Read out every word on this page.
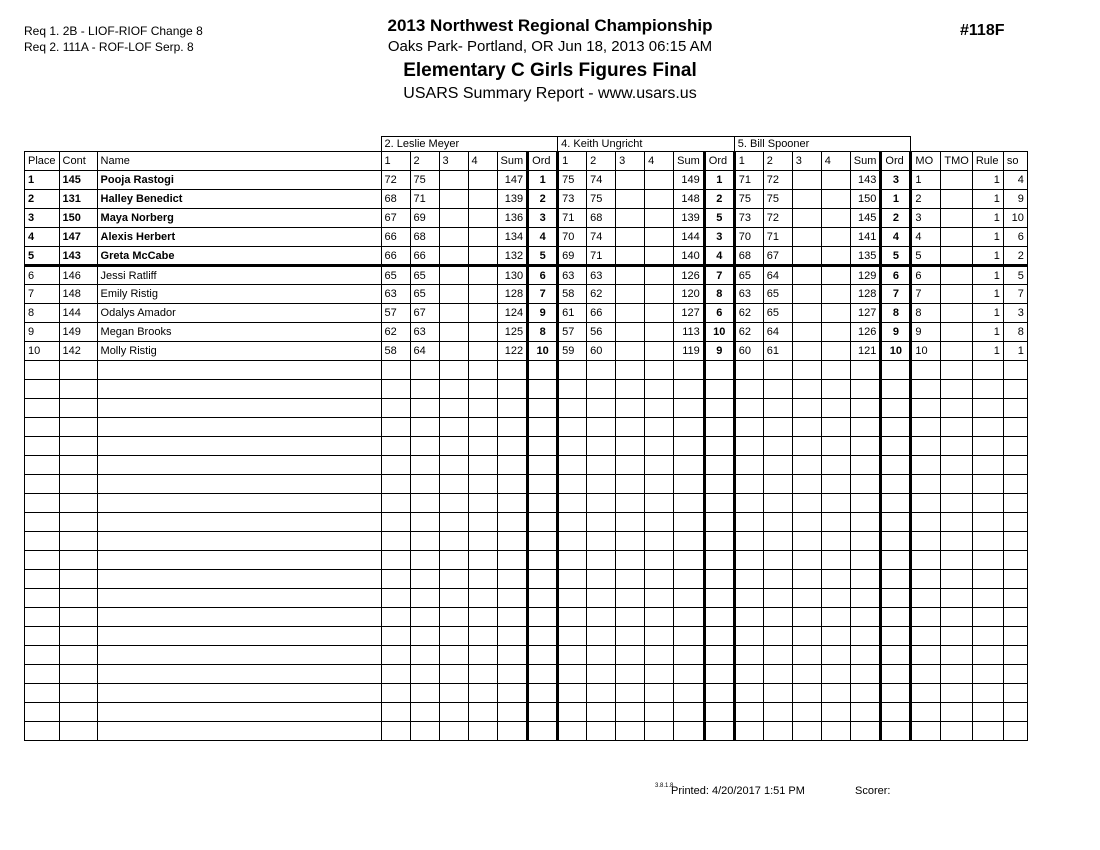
Req 1. 2B - LIOF-RIOF Change 8
Req 2. 111A - ROF-LOF Serp. 8
2013 Northwest Regional Championship
Oaks Park- Portland, OR Jun 18, 2013 06:15 AM
Elementary C Girls Figures Final
USARS Summary Report - www.usars.us
#118F
			2. Leslie Meyer						4. Keith Ungricht						5. Bill Spooner									
Place	Cont	Name	1	2	3	4	Sum	Ord	1	2	3	4	Sum	Ord	1	2	3	4	Sum	Ord	MO	TMO	Rule	so
1	145	Pooja Rastogi	72	75			147	1	75	74			149	1	71	72			143	3	1		1	4
2	131	Halley Benedict	68	71			139	2	73	75			148	2	75	75			150	1	2		1	9
3	150	Maya Norberg	67	69			136	3	71	68			139	5	73	72			145	2	3		1	10
4	147	Alexis Herbert	66	68			134	4	70	74			144	3	70	71			141	4	4		1	6
5	143	Greta McCabe	66	66			132	5	69	71			140	4	68	67			135	5	5		1	2
6	146	Jessi Ratliff	65	65			130	6	63	63			126	7	65	64			129	6	6		1	5
7	148	Emily Ristig	63	65			128	7	58	62			120	8	63	65			128	7	7		1	7
8	144	Odalys Amador	57	67			124	9	61	66			127	6	62	65			127	8	8		1	3
9	149	Megan Brooks	62	63			125	8	57	56			113	10	62	64			126	9	9		1	8
10	142	Molly Ristig	58	64			122	10	59	60			119	9	60	61			121	10	10		1	1

3.8.1.8
Printed: 4/20/2017 1:51 PM	Scorer:
